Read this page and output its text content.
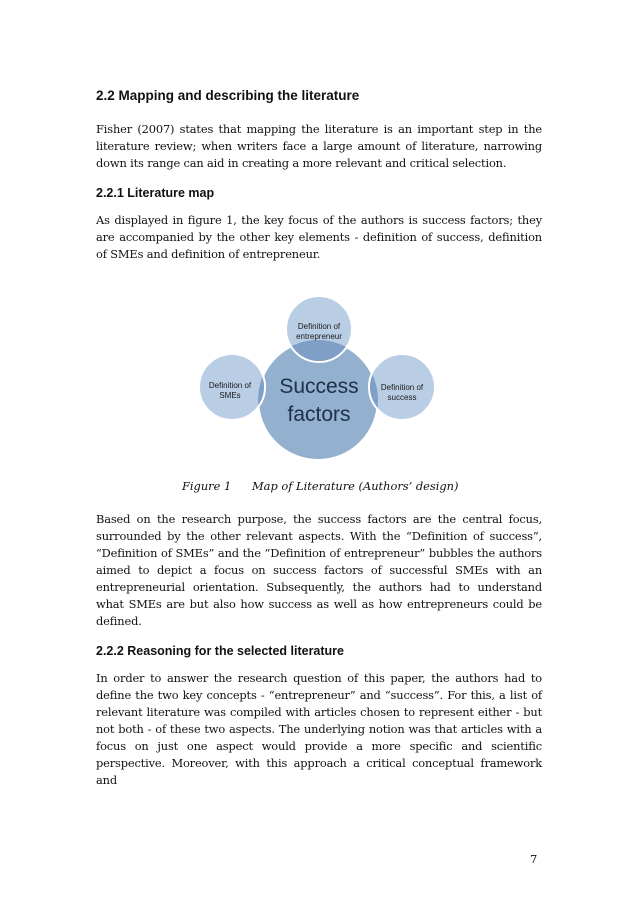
2.2 Mapping and describing the literature

Fisher (2007) states that mapping the literature is an important step in the literature review; when writers face a large amount of literature, narrowing down its range can aid in creating a more relevant and critical selection.

2.2.1 Literature map

As displayed in figure 1, the key focus of the authors is success factors; they are accompanied by the other key elements - definition of success, definition of SMEs and definition of entrepreneur.

Definition of entrepreneur
Definition of SMEs
Definition of success
Success factors
Figure 1	Map of Literature (Authors’ design)

Based on the research purpose, the success factors are the central focus, surrounded by the other relevant aspects. With the “Definition of success”, “Definition of SMEs” and the “Definition of entrepreneur” bubbles the authors aimed to depict a focus on success factors of successful SMEs with an entrepreneurial orientation. Subsequently, the authors had to understand what SMEs are but also how success as well as how entrepreneurs could be defined.

2.2.2 Reasoning for the selected literature

In order to answer the research question of this paper, the authors had to define the two key concepts - “entrepreneur” and “success”. For this, a list of relevant literature was compiled with articles chosen to represent either - but not both - of these two aspects. The underlying notion was that articles with a focus on just one aspect would provide a more specific and scientific perspective. Moreover, with this approach a critical conceptual framework and

7
